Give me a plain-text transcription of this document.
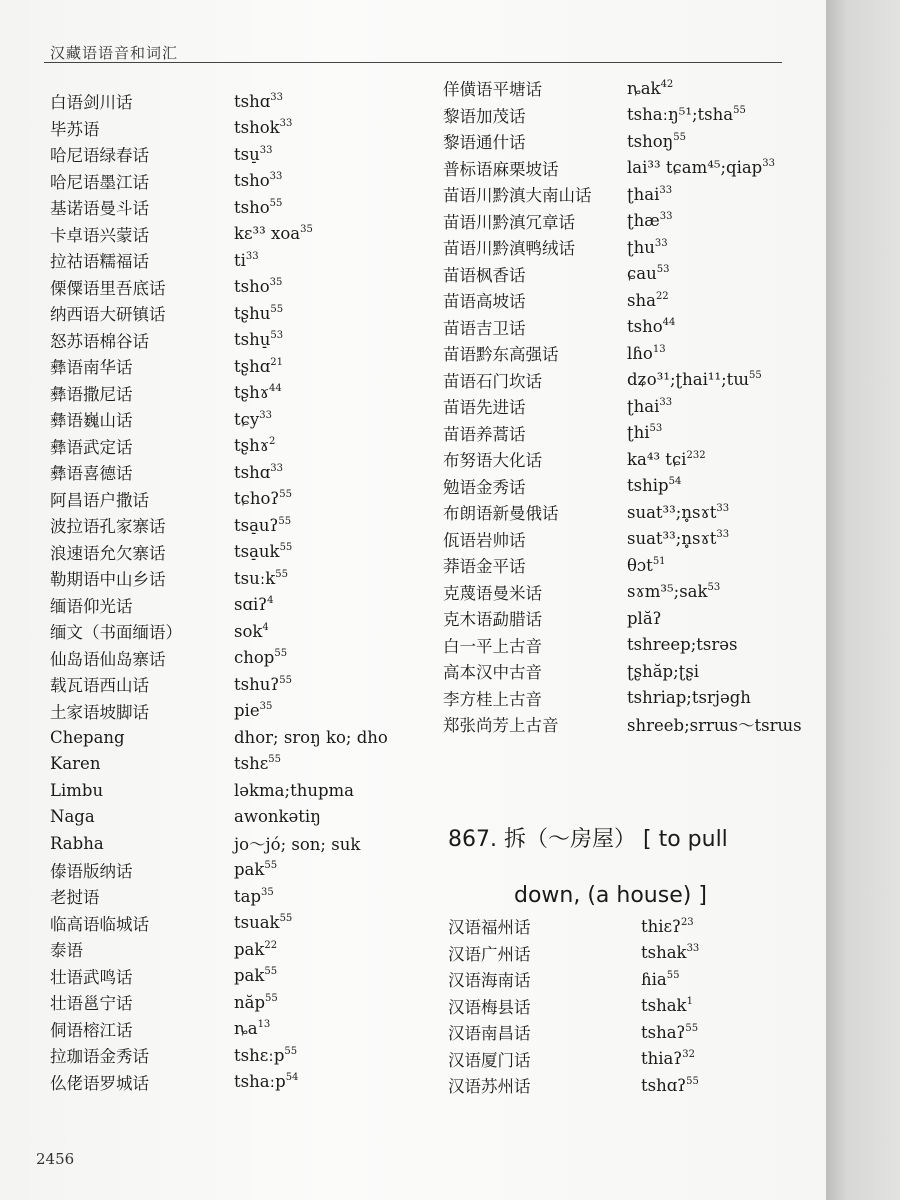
汉藏语语音和词汇
白语剑川话	tshɑ$^{33}$
毕苏语	tshok$^{33}$
哈尼语绿春话	tsu̠$^{33}$
哈尼语墨江话	tsho$^{33}$
基诺语曼斗话	tsho$^{55}$
卡卓语兴蒙话	kɛ³³ xoa$^{35}$
拉祜语糯福话	$ti^{33}$
傈僳语里吾底话	tsho$^{35}$
纳西语大研镇话	tʂhu$^{55}$
怒苏语棉谷话	tshu̠$^{53}$
彝语南华话	tʂhɑ$^{21}$
彝语撒尼话	tʂhɤ$^{44}$
彝语巍山话	tɕy$^{33}$
彝语武定话	tʂhɤ$^2$
彝语喜德话	tshɑ$^{33}$
阿昌语户撒话	tɕhoʔ$^{55}$
波拉语孔家寨话	tsa̠uʔ$^{55}$
浪速语允欠寨话	$tsa̠uk^{55}$
勒期语中山乡话	tsuːk$^{55}$
缅语仰光话	sɑiʔ$^4$
缅文（书面缅语）	sok$^4$
仙岛语仙岛寨话	chop$^{55}$
载瓦语西山话	tshuʔ$^{55}$
土家语坡脚话	pie$^{35}$
Chepang	dhor; sroŋ ko; dho
Karen	tshɛ$^{55}$
Limbu	ləkma;thupma
Naga	awonkətiŋ
Rabha	jo～jó; son; suk
傣语版纳话	pak$^{55}$
老挝语	tap$^{35}$
临高语临城话	tsuak$^{55}$
泰语	pak$^{22}$
壮语武鸣话	pak$^{55}$
壮语邕宁话	năp$^{55}$
侗语榕江话	$ȵa^{13}$
拉珈语金秀话	tshɛːp$^{55}$
仫佬语罗城话	tshaːp$^{54}$
佯僙语平塘话	ȵak$^{42}$
黎语加茂话	tshaːŋ⁵¹;tsha$^{55}$
黎语通什话	tshoŋ$^{55}$
普标语麻栗坡话	lai³³ tɕam⁴⁵;qiap$^{33}$
苗语川黔滇大南山话	ʈhai$^{33}$
苗语川黔滇冗章话	ʈhæ$^{33}$
苗语川黔滇鸭绒话	ʈhu$^{33}$
苗语枫香话	ɕau$^{53}$
苗语高坡话	sha$^{22}$
苗语吉卫话	tsho$^{44}$
苗语黔东高强话	lɦo$^{13}$
苗语石门坎话	dʑo³¹;ʈhai¹¹;tɯ$^{55}$
苗语先进话	ʈhai$^{33}$
苗语养蒿话	ʈhi$^{53}$
布努语大化话	ka⁴³ tɕi$^{232}$
勉语金秀话	tship$^{54}$
布朗语新曼俄话	suat³³;n̥sɤt$^{33}$
佤语岩帅话	suat³³;n̥sɤt$^{33}$
莽语金平话	θɔt$^{51}$
克蔑语曼米话	sɤm³⁵;sak$^{53}$
克木语勐腊话	plăʔ
白一平上古音	tshreep;tsrəs
高本汉中古音	ʈʂhăp;ʈʂi
李方桂上古音	tshriap;tsrjəgh
郑张尚芳上古音	shreeb;srrɯs～tsrɯs
867. 拆（～房屋） [ to pull
down, (a house) ]
汉语福州话	thiɛʔ$^{23}$
汉语广州话	tshak$^{33}$
汉语海南话	ɦia$^{55}$
汉语梅县话	tshak$^1$
汉语南昌话	tshaʔ$^{55}$
汉语厦门话	thiaʔ$^{32}$
汉语苏州话	tshɑʔ$^{55}$
2456
